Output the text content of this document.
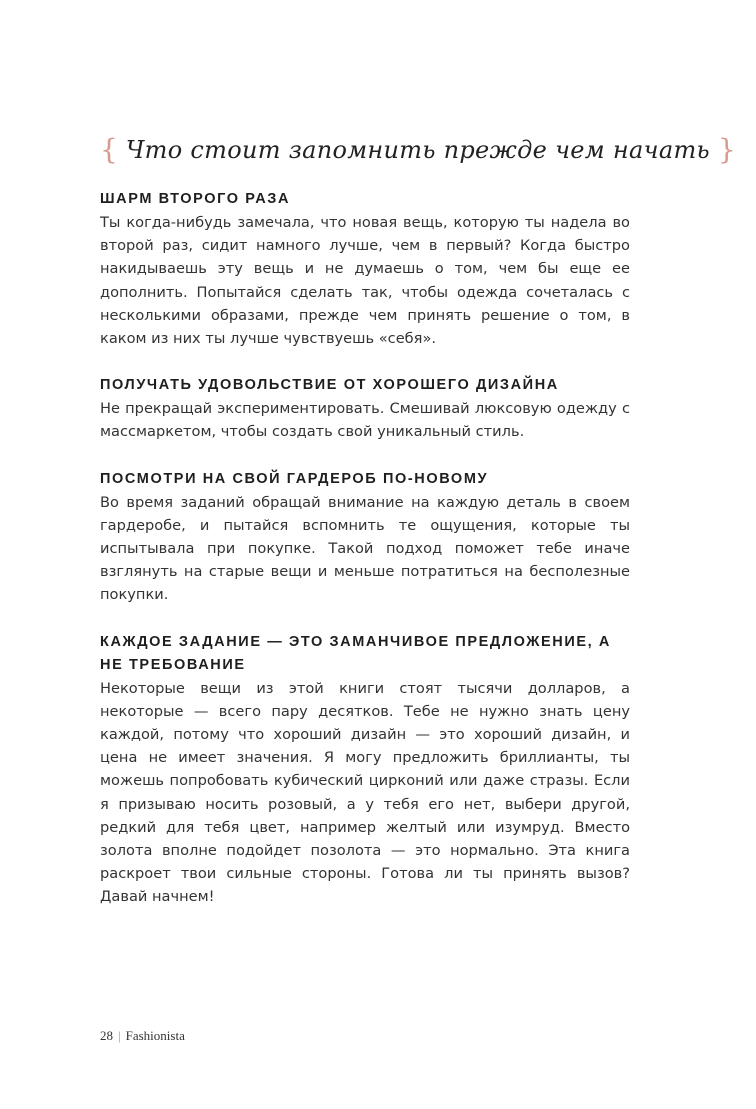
{ Что стоит запомнить прежде чем начать }
ШАРМ ВТОРОГО РАЗА

Ты когда-нибудь замечала, что новая вещь, которую ты надела во второй раз, сидит намного лучше, чем в первый? Когда быстро накидываешь эту вещь и не думаешь о том, чем бы еще ее дополнить. Попытайся сделать так, чтобы одежда сочеталась с несколькими образами, прежде чем принять решение о том, в каком из них ты лучше чувствуешь «себя».

ПОЛУЧАТЬ УДОВОЛЬСТВИЕ ОТ ХОРОШЕГО ДИЗАЙНА

Не прекращай экспериментировать. Смешивай люксовую одежду с массмаркетом, чтобы создать свой уникальный стиль.

ПОСМОТРИ НА СВОЙ ГАРДЕРОБ ПО-НОВОМУ

Во время заданий обращай внимание на каждую деталь в своем гардеробе, и пытайся вспомнить те ощущения, которые ты испытывала при покупке. Такой подход поможет тебе иначе взглянуть на старые вещи и меньше потратиться на бесполезные покупки.

КАЖДОЕ ЗАДАНИЕ — ЭТО ЗАМАНЧИВОЕ ПРЕДЛОЖЕНИЕ, А НЕ ТРЕБОВАНИЕ

Некоторые вещи из этой книги стоят тысячи долларов, а некоторые — всего пару десятков. Тебе не нужно знать цену каждой, потому что хороший дизайн — это хороший дизайн, и цена не имеет значения. Я могу предложить бриллианты, ты можешь попробовать кубический цирконий или даже стразы. Если я призываю носить розовый, а у тебя его нет, выбери другой, редкий для тебя цвет, например желтый или изумруд. Вместо золота вполне подойдет позолота — это нормально. Эта книга раскроет твои сильные стороны. Готова ли ты принять вызов? Давай начнем!

28 | Fashionista
